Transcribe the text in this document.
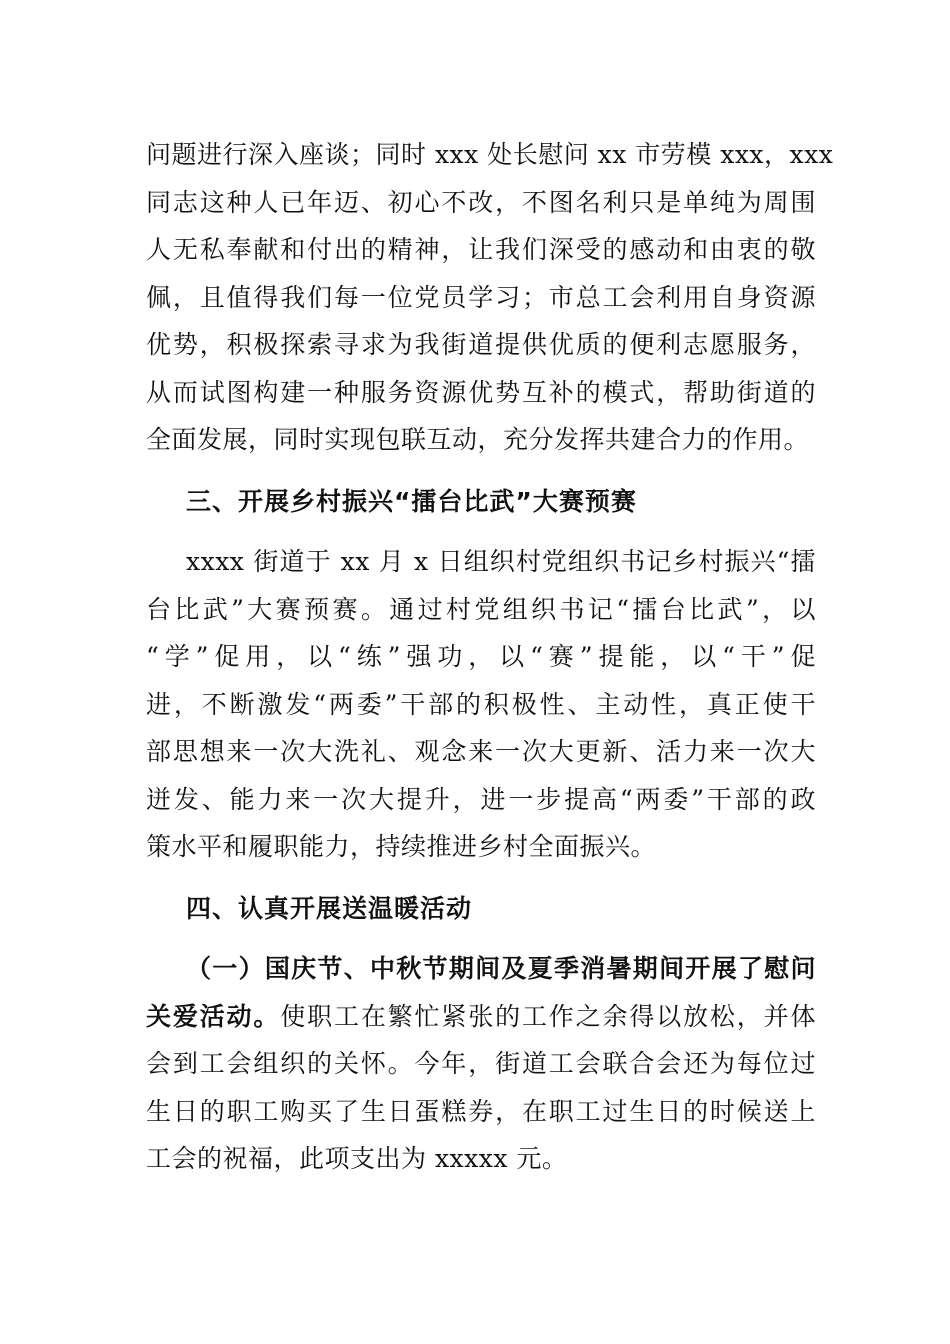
问题进行深入座谈；同时 xxx 处长慰问 xx 市劳模 xxx，xxx
同志这种人已年迈、初心不改，不图名利只是单纯为周围
人无私奉献和付出的精神，让我们深受的感动和由衷的敬
佩，且值得我们每一位党员学习；市总工会利用自身资源
优势，积极探索寻求为我街道提供优质的便利志愿服务，
从而试图构建一种服务资源优势互补的模式，帮助街道的
全面发展，同时实现包联互动，充分发挥共建合力的作用。
三、开展乡村振兴“擂台比武”大赛预赛
xxxx 街道于 xx 月 x 日组织村党组织书记乡村振兴“擂
台比武”大赛预赛。通过村党组织书记“擂台比武”，以
“学”促用，以“练”强功，以“赛”提能，以“干”促
进，不断激发“两委”干部的积极性、主动性，真正使干
部思想来一次大洗礼、观念来一次大更新、活力来一次大
迸发、能力来一次大提升，进一步提高“两委”干部的政
策水平和履职能力，持续推进乡村全面振兴。
四、认真开展送温暖活动
（一）国庆节、中秋节期间及夏季消暑期间开展了慰问
关爱活动。使职工在繁忙紧张的工作之余得以放松，并体
会到工会组织的关怀。今年，街道工会联合会还为每位过
生日的职工购买了生日蛋糕券，在职工过生日的时候送上
工会的祝福，此项支出为 xxxxx 元。
